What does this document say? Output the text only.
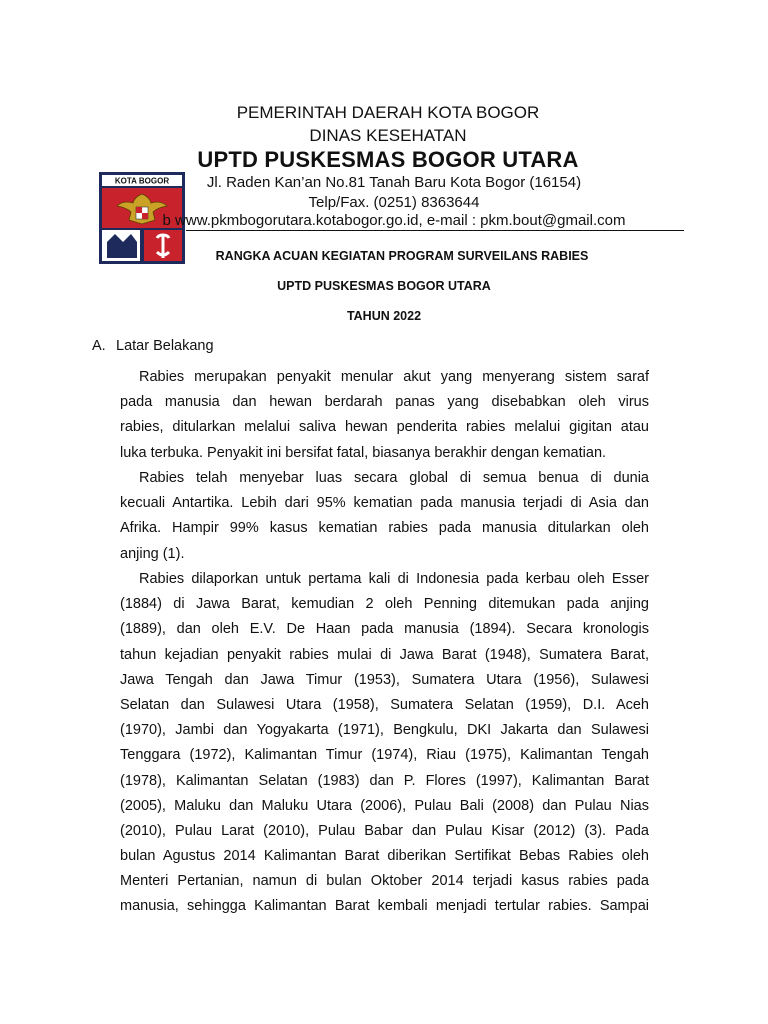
KOTA BOGOR
PEMERINTAH DAERAH KOTA BOGOR
DINAS KESEHATAN
UPTD PUSKESMAS BOGOR UTARA
Jl. Raden Kan’an No.81 Tanah Baru Kota Bogor (16154)
Telp/Fax. (0251) 8363644
b www.pkmbogorutara.kotabogor.go.id, e-mail : pkm.bout@gmail.com
RANGKA ACUAN KEGIATAN PROGRAM SURVEILANS RABIES
UPTD PUSKESMAS BOGOR UTARA
TAHUN 2022
A. Latar Belakang
Rabies merupakan penyakit menular akut yang menyerang sistem saraf
pada manusia dan hewan berdarah panas yang disebabkan oleh virus
rabies, ditularkan melalui saliva hewan penderita rabies melalui gigitan atau
luka terbuka. Penyakit ini bersifat fatal, biasanya berakhir dengan kematian.
Rabies telah menyebar luas secara global di semua benua di dunia
kecuali Antartika. Lebih dari 95% kematian pada manusia terjadi di Asia dan
Afrika. Hampir 99% kasus kematian rabies pada manusia ditularkan oleh
anjing (1).
Rabies dilaporkan untuk pertama kali di Indonesia pada kerbau oleh Esser
(1884) di Jawa Barat, kemudian 2 oleh Penning ditemukan pada anjing
(1889), dan oleh E.V. De Haan pada manusia (1894). Secara kronologis
tahun kejadian penyakit rabies mulai di Jawa Barat (1948), Sumatera Barat,
Jawa Tengah dan Jawa Timur (1953), Sumatera Utara (1956), Sulawesi
Selatan dan Sulawesi Utara (1958), Sumatera Selatan (1959), D.I. Aceh
(1970), Jambi dan Yogyakarta (1971), Bengkulu, DKI Jakarta dan Sulawesi
Tenggara (1972), Kalimantan Timur (1974), Riau (1975), Kalimantan Tengah
(1978), Kalimantan Selatan (1983) dan P. Flores (1997), Kalimantan Barat
(2005), Maluku dan Maluku Utara (2006), Pulau Bali (2008) dan Pulau Nias
(2010), Pulau Larat (2010), Pulau Babar dan Pulau Kisar (2012) (3). Pada
bulan Agustus 2014 Kalimantan Barat diberikan Sertifikat Bebas Rabies oleh
Menteri Pertanian, namun di bulan Oktober 2014 terjadi kasus rabies pada
manusia, sehingga Kalimantan Barat kembali menjadi tertular rabies. Sampai
